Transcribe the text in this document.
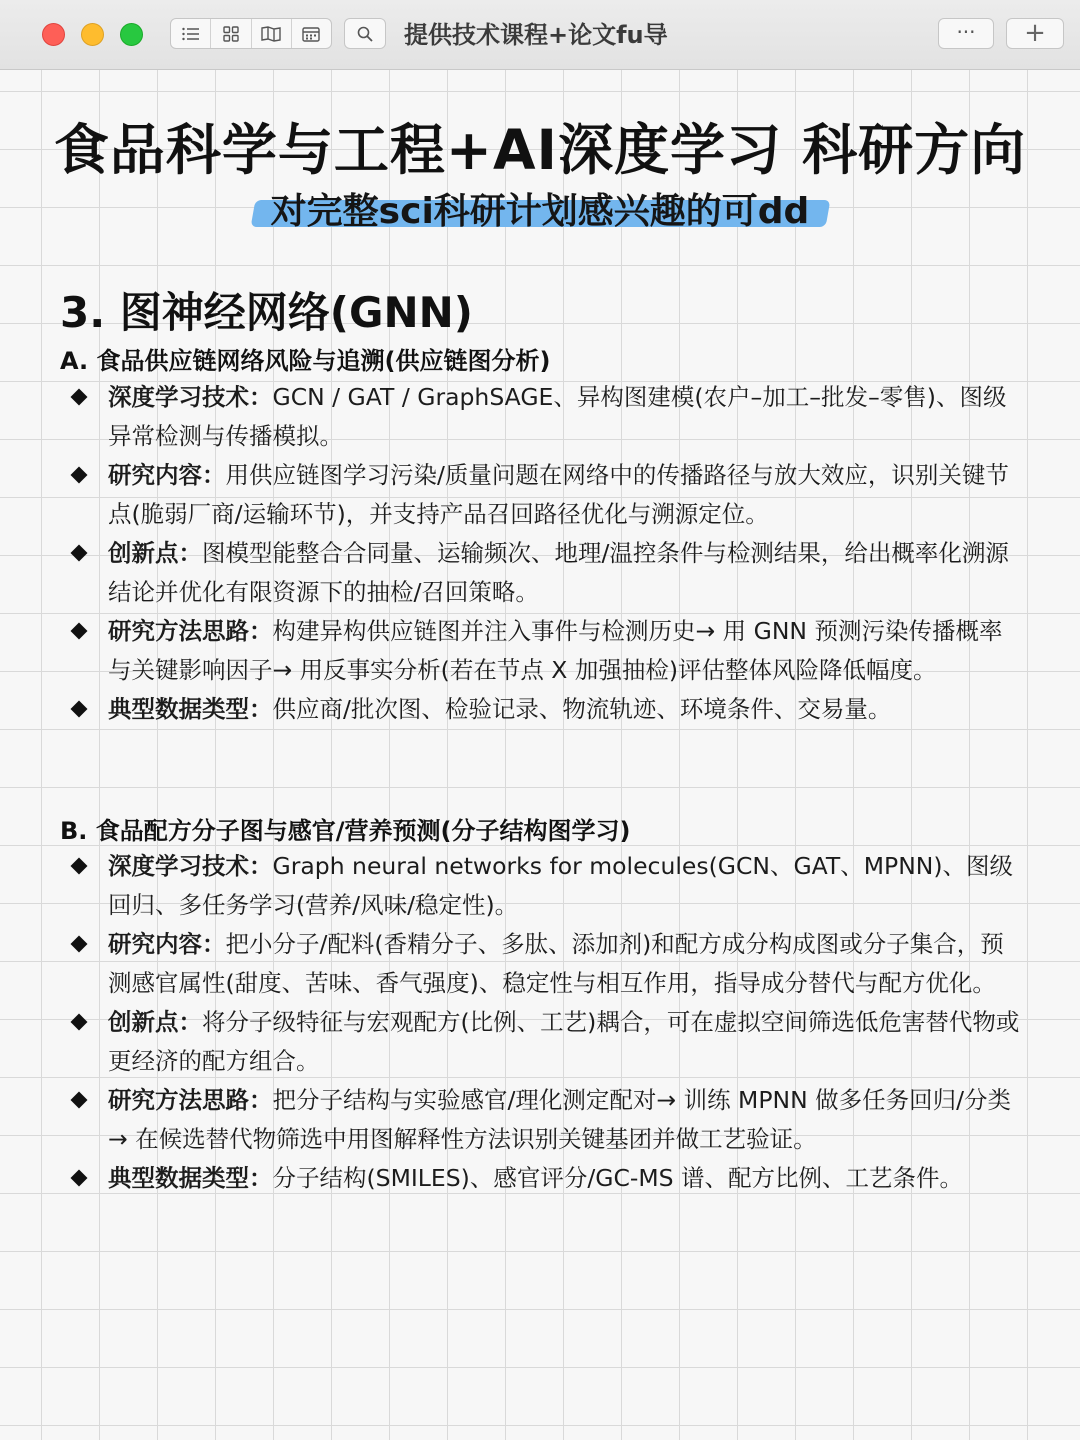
提供技术课程+论文fu导	···	+
食品科学与工程+AI深度学习 科研方向
对完整sci科研计划感兴趣的可dd
3. 图神经网络(GNN)
A. 食品供应链网络风险与追溯(供应链图分析)
深度学习技术：GCN / GAT / GraphSAGE、异构图建模(农户–加工–批发–零售)、图级异常检测与传播模拟。
研究内容：用供应链图学习污染/质量问题在网络中的传播路径与放大效应，识别关键节点(脆弱厂商/运输环节)，并支持产品召回路径优化与溯源定位。
创新点：图模型能整合合同量、运输频次、地理/温控条件与检测结果，给出概率化溯源结论并优化有限资源下的抽检/召回策略。
研究方法思路：构建异构供应链图并注入事件与检测历史→ 用 GNN 预测污染传播概率与关键影响因子→ 用反事实分析(若在节点 X 加强抽检)评估整体风险降低幅度。
典型数据类型：供应商/批次图、检验记录、物流轨迹、环境条件、交易量。
B. 食品配方分子图与感官/营养预测(分子结构图学习)
深度学习技术：Graph neural networks for molecules(GCN、GAT、MPNN)、图级回归、多任务学习(营养/风味/稳定性)。
研究内容：把小分子/配料(香精分子、多肽、添加剂)和配方成分构成图或分子集合，预测感官属性(甜度、苦味、香气强度)、稳定性与相互作用，指导成分替代与配方优化。
创新点：将分子级特征与宏观配方(比例、工艺)耦合，可在虚拟空间筛选低危害替代物或更经济的配方组合。
研究方法思路：把分子结构与实验感官/理化测定配对→ 训练 MPNN 做多任务回归/分类→ 在候选替代物筛选中用图解释性方法识别关键基团并做工艺验证。
典型数据类型：分子结构(SMILES)、感官评分/GC-MS 谱、配方比例、工艺条件。
